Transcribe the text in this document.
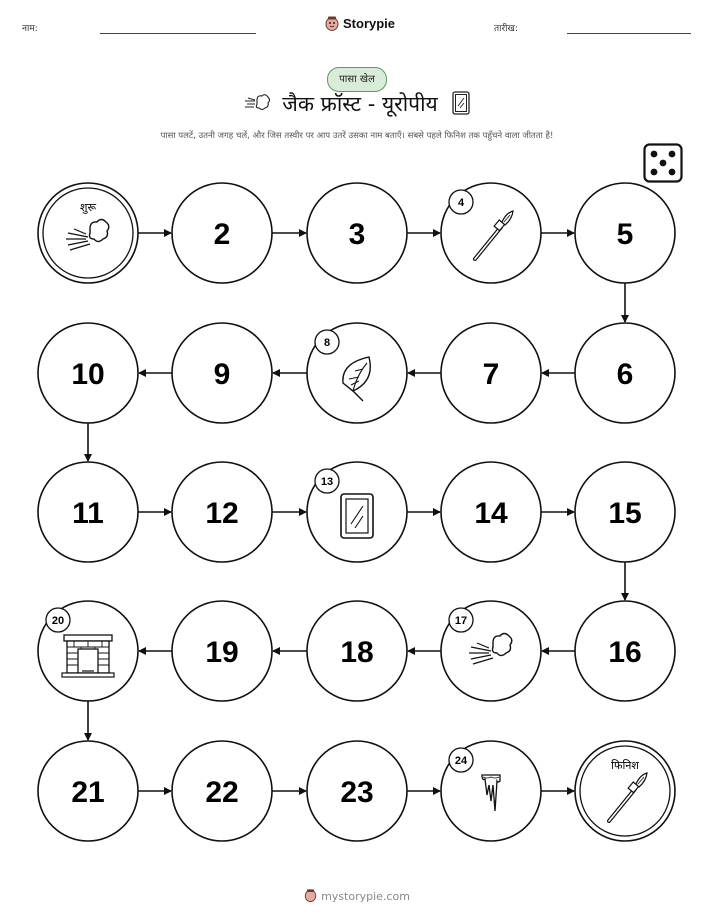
नाम:	Storypie	तारीख:
पासा खेल
जैक फ्रॉस्ट - यूरोपीय
पासा पलटें, उतनी जगह चलें, और जिस तस्वीर पर आप उतरें उसका नाम बताएँ। सबसे पहले फिनिश तक पहुँचने वाला जीतता है!
शुरू
2	3
4
5
6
7
8
9
10
11	12
13
14	15
16
17
18
19
20
21	22	23
24	फिनिश
mystorypie.com
